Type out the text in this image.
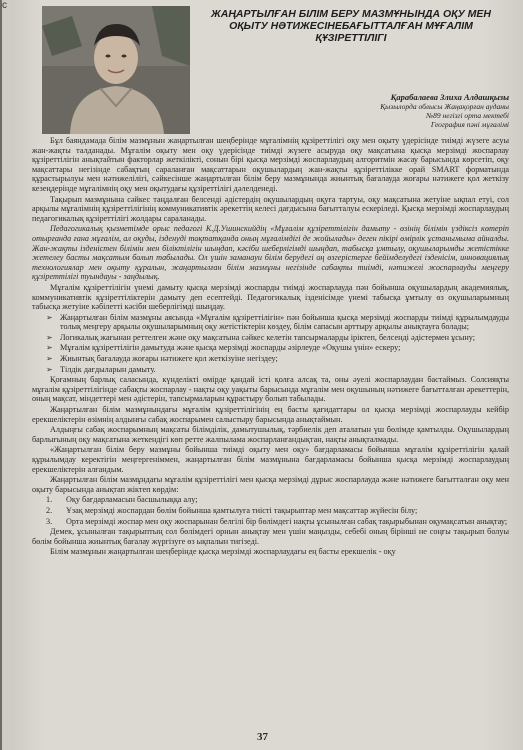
с
ЖАҢАРТЫЛҒАН БІЛІМ БЕРУ МАЗМҰНЫНДА ОҚУ МЕН
ОҚЫТУ НӘТИЖЕСІНЕБАҒЫТТАЛҒАН МҰҒАЛІМ
ҚҰЗІРЕТТІЛІГІ
Қарабалаева Злиха Алдашқызы
Қызылорда облысы Жаңақорған ауданы
№89 негізгі орта мектебі
География пәні мұғалімі
Бұл баяндамада білім мазмұнын жаңартылған шеңберінде мұғалімнің құзіреттілігі оқу мен оқыту үдерісінде тиімді жүзеге асуы жан-жақты талданады. Мұғалім оқыту мен оқу үдерісінде тиімді жүзеге асыруда оқу мақсатына қысқа мерзімді жоспарлау құзіреттілігін анықтайтын факторлар жеткілікті, сонын бірі қысқа мерзімді жоспарлаудың алгоритмін жасау барысында көрсетіп, оқу мақсаттары негізінде сабақтың сараланған мақсаттарын оқушылардың жан-жақты құзіреттілікке орай SMART форматында құрастырылуы мен нәтижелілігі, сәйкесінше жаңартылған білім беру мазмұнында жиынтық бағалауда жоғары нәтижеге қол жеткізу кезеңдерінде мұғалімнің оқу мен оқытудағы құзіреттілігі дәлелденеді.
Тақырып мазмұнына сәйкес таңдалған белсенді әдістердің оқушылардың оқуға тартуы, оқу мақсатына жетуіне ықпал етуі, сол арқылы мұғалімнің құзіреттілігінің коммуникативтік әрекеттің келесі дағдысына бағытталуы ескеріледі. Қысқа мерзімді жоспарлаудың педагогикалық құзіреттілігі жолдары сараланады.
Педагогикалық қызметімде орыс педагогі К.Д.Ушинскийдің «Мұғалім құзіреттілігін дамыту - өзінің білімін үздіксіз көтеріп отырғанда ғана мұғалім, ал оқуды, ізденуді тоқтатқанда оның мұғалімдігі де жойылады» деген пікірі өмірлік ұстанымыма айналды. Жан-жақты ізденістен білімін мен біліктілігін шыңдап, кәсіби шеберлігімді шыңдап, табысқа ұмтылу, оқушыларымды жетістікке жетелеу басты мақсатым болып табылады. Ол үшін заманауи білім берудегі оң өзгерістерге бейімделудегі ізденісім, инновациялық технологиялар мен оқыту құралын, жаңартылған білім мазмұны негізінде сабақты тиімді, нәтижелі жоспарлауды меңгеру құзіреттілігі туындауы - заңдылық.
Мұғалім құзіреттілігін үнемі дамыту қысқа мерзімді жоспарды тиімді жоспарлауда пән бойынша оқушылардың академиялық, коммуникативтік құзіреттіліктерін дамыту деп есептейді. Педагогикалық ізденісімде үнемі табысқа ұмтылу өз оқушыларымның табысқа жетуіне кәбілетті кәсіби шеберлігімді шыңдау.
➢ Жаңартылған білім мазмұны аясында «Мұғалім құзіреттілігін» пән бойынша қысқа мерзімді жоспарды тиімді құрылымдауды толық меңгеру арқылы оқушыларымның оқу жетістіктерін көздеу, білім сапасын арттыру арқылы анықтауға болады;
➢ Логикалық жағынан реттелген және оқу мақсатына сәйкес келетін тапсырмаларды іріктеп, белсенді әдістермен ұсыну;
➢ Мұғалім құзіреттілігін дамытуда және қысқа мерзімді жоспарды әзірлеуде «Оқушы үнін» ескеру;
➢ Жиынтық бағалауда жоғары нәтижеге қол жеткізуіне негіздеу;
➢ Тілдік дағдыларын дамыту.
Қоғамның барлық саласында, күнделікті өмірде қандай істі қолға алсақ та, оны әуелі жоспарлаудан бастаймыз. Солсияқты мұғалім құзіреттілігінде сабақты жоспарлау - нақты оқу уақыты барысында мұғалім мен оқушының нәтижеге бағытталған әрекеттерін, оның мақсат, міндеттері мен әдістерін, тапсырмаларын құрастыру болып табылады.
Жаңартылған білім мазмұнындағы мұғалім құзіреттілігінің ең басты қағидаттары ол қысқа мерзімді жоспарлауды кейбір ерекшеліктерін өзімнің алдынғы сабақ жоспарымен салыстыру барысында анықтаймын.
Алдыңғы сабақ жоспарымның мақсаты білімділік, дамытушылық, тәрбиелік деп аталатын үш бөлімде қамтылды. Оқушылардың барлығының оқу мақсатына жеткендігі көп ретте жалпылама жоспарланғандықтан, нақты анықталмады.
«Жаңартылған білім беру мазмұны бойынша тиімді оқыту мен оқу» бағдарламасы бойынша мұғалім құзіреттілігін қалай құрылымдау керектігін меңгергеніммен, жаңартылған білім мазмұнына бағдарламасы бойынша қысқа мерзімді жоспарлаудың ерекшеліктерін алғандым.
Жаңартылған білім мазмұндағы мұғалім құзіреттілігі мен қысқа мерзімді дұрыс жоспарлауда және нәтижеге бағытталған оқу мен оқыту барысында анықтап жіктеп көрдім:
1. Оқу бағдарламасын басшылыққа алу;
2. Ұзақ мерзімді жоспардан бөлім бойынша қамтылуға тиісті тақырыптар мен мақсаттар жүйесін білу;
3. Орта мерзімді жоспар мен оқу жоспарынан белгілі бір бөлімдегі нақты ұсынылған сабақ тақырыбынан оқумақсатын анықтау;
Демек, ұсынылған тақырыптың сол бөлімдегі орнын анықтау мен үшін маңызды, себебі оның бірінші не соңғы тақырып болуы бөлім бойынша жиынтық бағалау жүргізуге өз ықпалын тигізеді.
Білім мазмұнын жаңартылған шеңберінде қысқа мерзімді жоспарлаудағы ең басты ерекшелік - оқу
37
